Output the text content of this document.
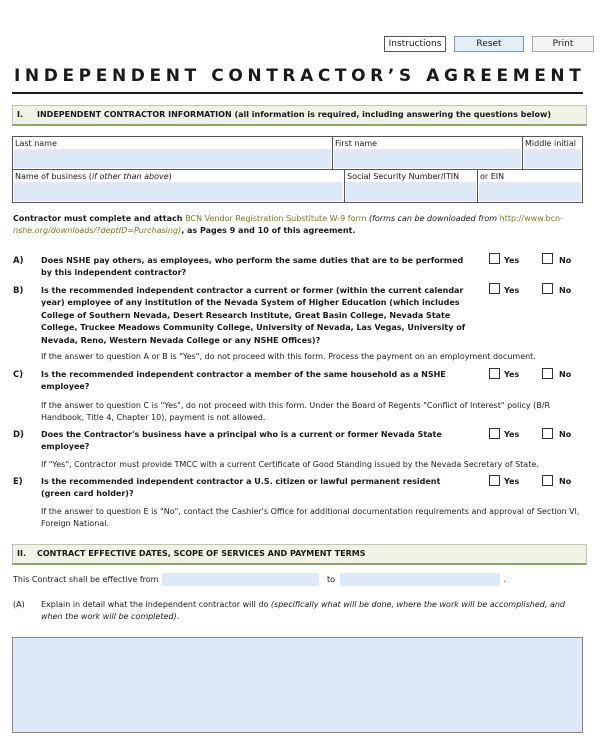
Instructions	Reset	Print
INDEPENDENT CONTRACTOR’S AGREEMENT
I. INDEPENDENT CONTRACTOR INFORMATION (all information is required, including answering the questions below)
Last name	First name	Middle initial
Name of business (if other than above)	Social Security Number/ITIN	or EIN
Contractor must complete and attach BCN Vendor Registration Substitute W-9 form (forms can be downloaded from http://www.bcn-
nshe.org/downloads/?deptID=Purchasing), as Pages 9 and 10 of this agreement.
A) Does NSHE pay others, as employees, who perform the same duties that are to be performed by this independent contractor?
Yes	No
B) Is the recommended independent contractor a current or former (within the current calendar year) employee of any institution of the Nevada System of Higher Education (which includes College of Southern Nevada, Desert Research Institute, Great Basin College, Nevada State College, Truckee Meadows Community College, University of Nevada, Las Vegas, University of Nevada, Reno, Western Nevada College or any NSHE Offices)?
Yes	No
If the answer to question A or B is "Yes", do not proceed with this form. Process the payment on an employment document.
C) Is the recommended independent contractor a member of the same household as a NSHE employee?
Yes	No
If the answer to question C is "Yes", do not proceed with this form. Under the Board of Regents "Conflict of Interest" policy (B/R Handbook, Title 4, Chapter 10), payment is not allowed.
D) Does the Contractor's business have a principal who is a current or former Nevada State employee?
Yes	No
If "Yes", Contractor must provide TMCC with a current Certificate of Good Standing issued by the Nevada Secretary of State.
E) Is the recommended independent contractor a U.S. citizen or lawful permanent resident (green card holder)?
Yes	No
If the answer to question E is "No", contact the Cashier's Office for additional documentation requirements and approval of Section VI, Foreign National.
II. CONTRACT EFFECTIVE DATES, SCOPE OF SERVICES AND PAYMENT TERMS
This Contract shall be effective from	to	.
(A) Explain in detail what the independent contractor will do (specifically what will be done, where the work will be accomplished, and when the work will be completed).
